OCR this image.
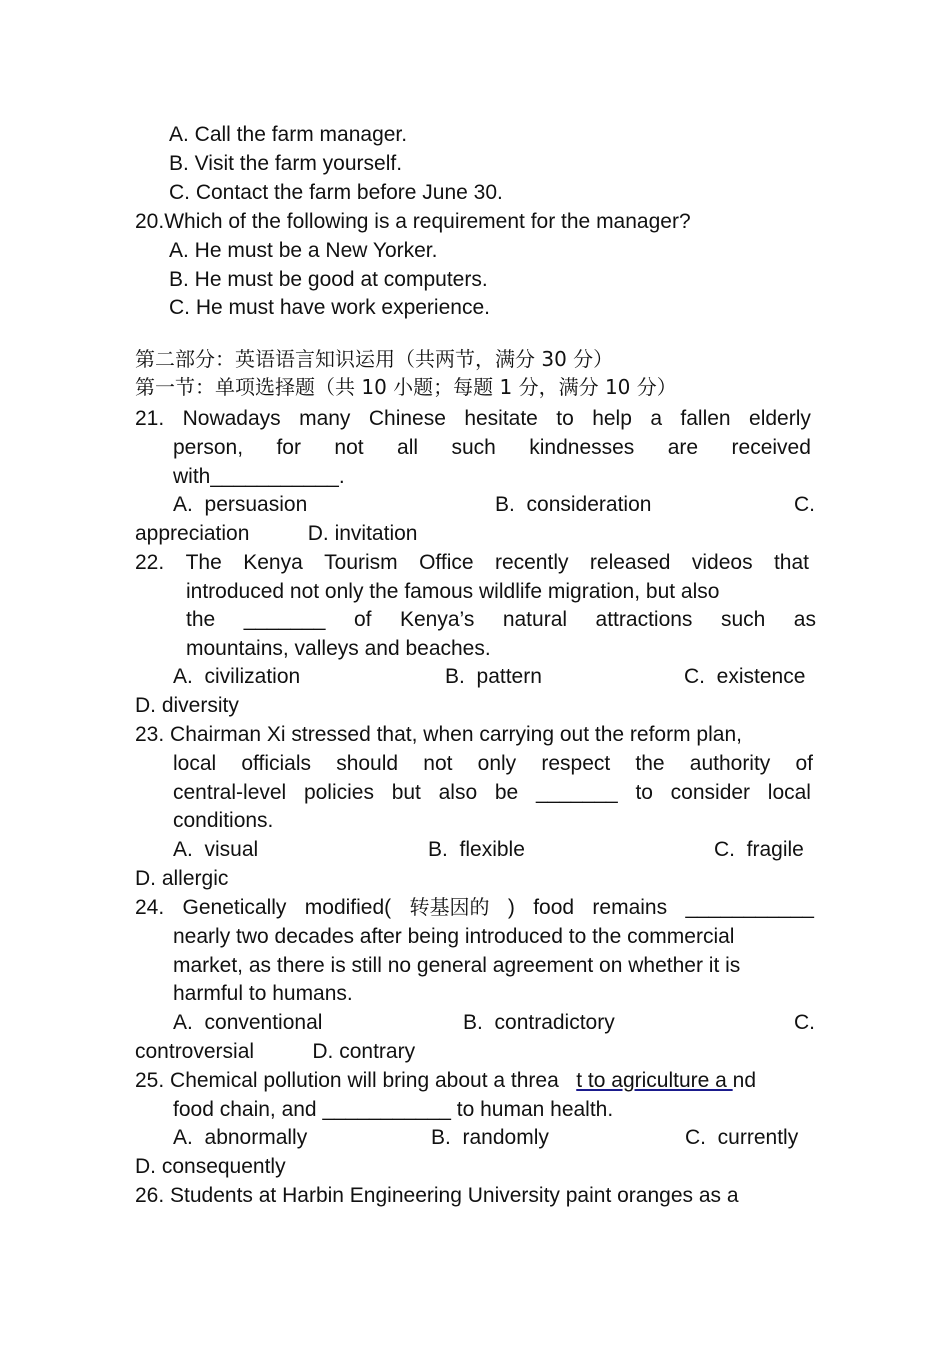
A. Call the farm manager.
B. Visit the farm yourself.
C. Contact the farm before June 30.
20.Which of the following is a requirement for the manager?
A. He must be a New Yorker.
B. He must be good at computers.
C. He must have work experience.
第二部分：英语语言知识运用（共两节，满分 30 分）
第一节：单项选择题（共 10 小题；每题 1 分，满分 10 分）
21. Nowadays many Chinese hesitate to help a fallen elderly
person, for not all such kindnesses are received
with___________.
A.  persuasion	B.  consideration	C.
appreciation          D. invitation
22. The Kenya Tourism Office recently released videos that
introduced not only the famous wildlife migration, but also
the _______ of Kenya’s natural attractions such as
mountains, valleys and beaches.
A.  civilization	B.  pattern	C.  existence
D. diversity
23. Chairman Xi stressed that, when carrying out the reform plan,
local officials should not only respect the authority of
central-level policies but also be _______ to consider local
conditions.
A.  visual	B.  flexible	C.  fragile
D. allergic
24. Genetically modified( 转基因的 ) food remains ___________
nearly two decades after being introduced to the commercial
market, as there is still no general agreement on whether it is
harmful to humans.
A.  conventional	B.  contradictory	C.
controversial          D. contrary
25. Chemical pollution will bring about a threa   t to agriculture a nd
food chain, and ___________ to human health.
A.  abnormally	B.  randomly	C.  currently
D. consequently
26. Students at Harbin Engineering University paint oranges as a
